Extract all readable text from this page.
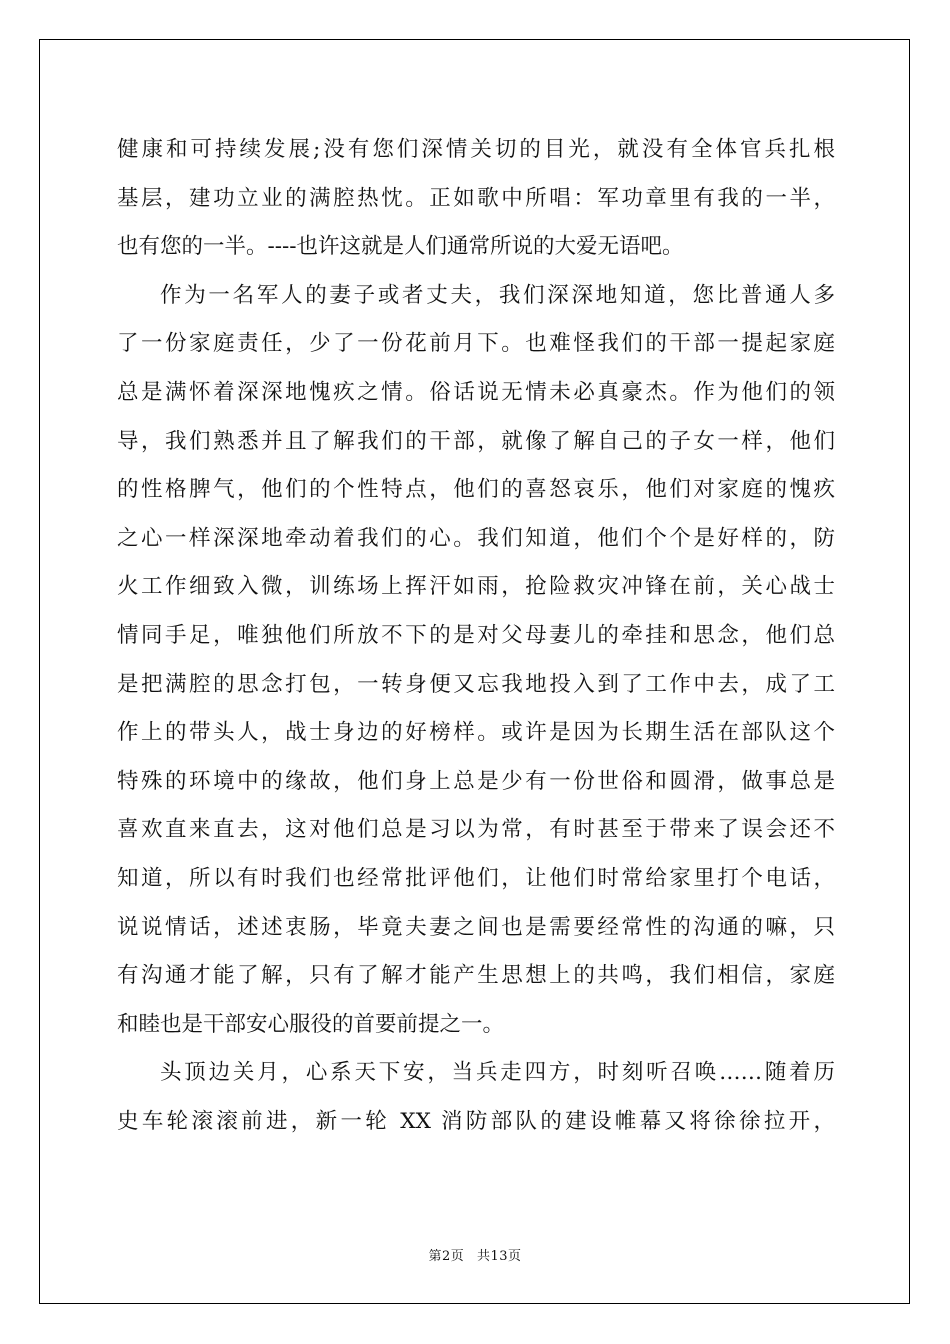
健康和可持续发展;没有您们深情关切的目光，就没有全体官兵扎根
基层，建功立业的满腔热忱。正如歌中所唱：军功章里有我的一半，
也有您的一半。----也许这就是人们通常所说的大爱无语吧。
作为一名军人的妻子或者丈夫，我们深深地知道，您比普通人多
了一份家庭责任，少了一份花前月下。也难怪我们的干部一提起家庭
总是满怀着深深地愧疚之情。俗话说无情未必真豪杰。作为他们的领
导，我们熟悉并且了解我们的干部，就像了解自己的子女一样，他们
的性格脾气，他们的个性特点，他们的喜怒哀乐，他们对家庭的愧疚
之心一样深深地牵动着我们的心。我们知道，他们个个是好样的，防
火工作细致入微，训练场上挥汗如雨，抢险救灾冲锋在前，关心战士
情同手足，唯独他们所放不下的是对父母妻儿的牵挂和思念，他们总
是把满腔的思念打包，一转身便又忘我地投入到了工作中去，成了工
作上的带头人，战士身边的好榜样。或许是因为长期生活在部队这个
特殊的环境中的缘故，他们身上总是少有一份世俗和圆滑，做事总是
喜欢直来直去，这对他们总是习以为常，有时甚至于带来了误会还不
知道，所以有时我们也经常批评他们，让他们时常给家里打个电话，
说说情话，述述衷肠，毕竟夫妻之间也是需要经常性的沟通的嘛，只
有沟通才能了解，只有了解才能产生思想上的共鸣，我们相信，家庭
和睦也是干部安心服役的首要前提之一。
头顶边关月，心系天下安，当兵走四方，时刻听召唤……随着历
史车轮滚滚前进，新一轮 XX 消防部队的建设帷幕又将徐徐拉开，
第2页 共13页
